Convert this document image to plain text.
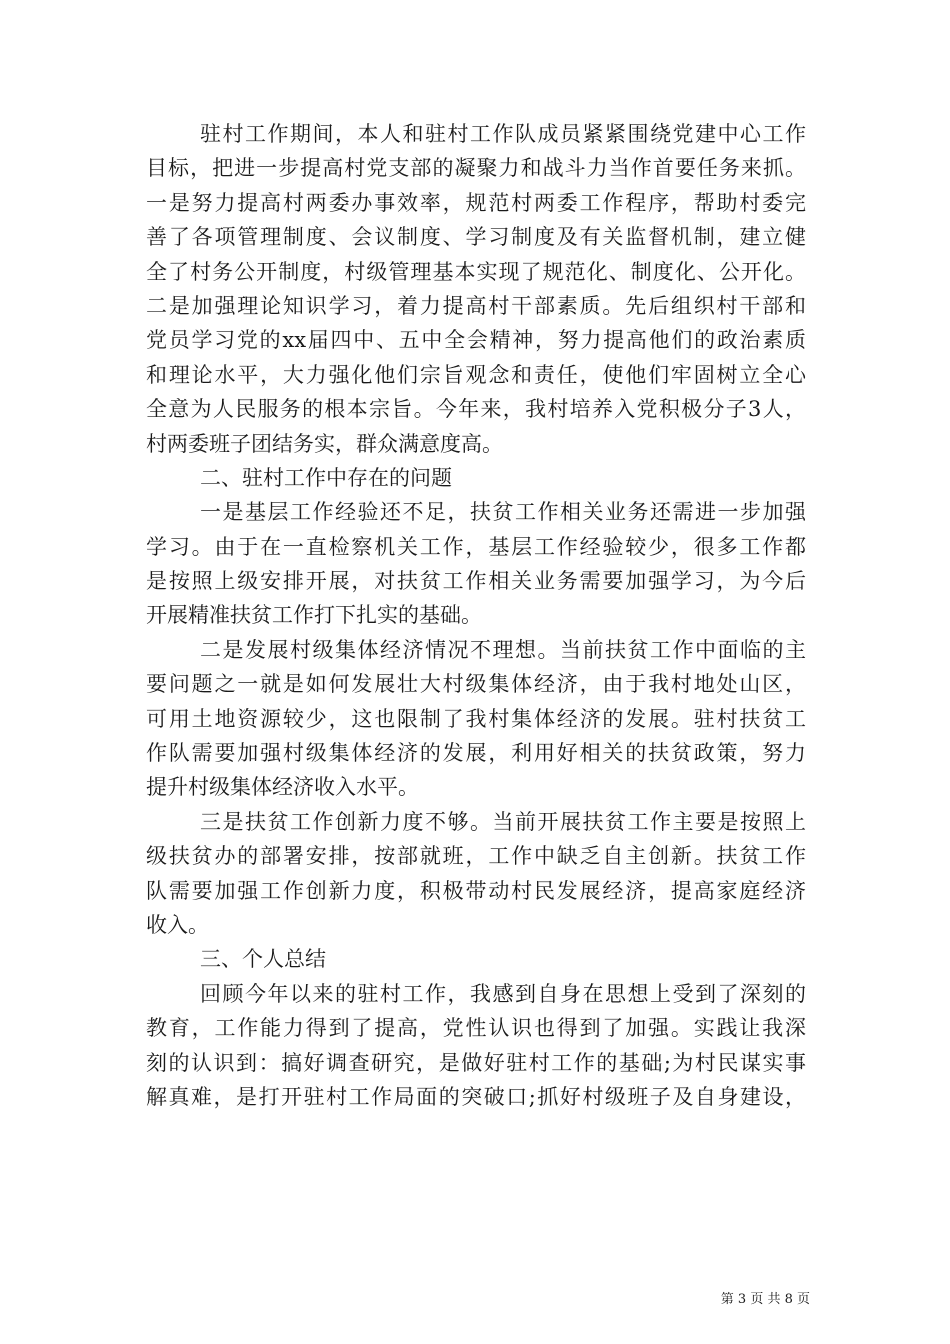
驻村工作期间，本人和驻村工作队成员紧紧围绕党建中心工作
目标，把进一步提高村党支部的凝聚力和战斗力当作首要任务来抓。
一是努力提高村两委办事效率，规范村两委工作程序，帮助村委完
善了各项管理制度、会议制度、学习制度及有关监督机制，建立健
全了村务公开制度，村级管理基本实现了规范化、制度化、公开化。
二是加强理论知识学习，着力提高村干部素质。先后组织村干部和
党员学习党的xx届四中、五中全会精神，努力提高他们的政治素质
和理论水平，大力强化他们宗旨观念和责任，使他们牢固树立全心
全意为人民服务的根本宗旨。今年来，我村培养入党积极分子3人，
村两委班子团结务实，群众满意度高。
二、驻村工作中存在的问题
一是基层工作经验还不足，扶贫工作相关业务还需进一步加强
学习。由于在一直检察机关工作，基层工作经验较少，很多工作都
是按照上级安排开展，对扶贫工作相关业务需要加强学习，为今后
开展精准扶贫工作打下扎实的基础。
二是发展村级集体经济情况不理想。当前扶贫工作中面临的主
要问题之一就是如何发展壮大村级集体经济，由于我村地处山区，
可用土地资源较少，这也限制了我村集体经济的发展。驻村扶贫工
作队需要加强村级集体经济的发展，利用好相关的扶贫政策，努力
提升村级集体经济收入水平。
三是扶贫工作创新力度不够。当前开展扶贫工作主要是按照上
级扶贫办的部署安排，按部就班，工作中缺乏自主创新。扶贫工作
队需要加强工作创新力度，积极带动村民发展经济，提高家庭经济
收入。
三、个人总结
回顾今年以来的驻村工作，我感到自身在思想上受到了深刻的
教育，工作能力得到了提高，党性认识也得到了加强。实践让我深
刻的认识到：搞好调查研究，是做好驻村工作的基础;为村民谋实事
解真难，是打开驻村工作局面的突破口;抓好村级班子及自身建设，
第 3 页 共 8 页
